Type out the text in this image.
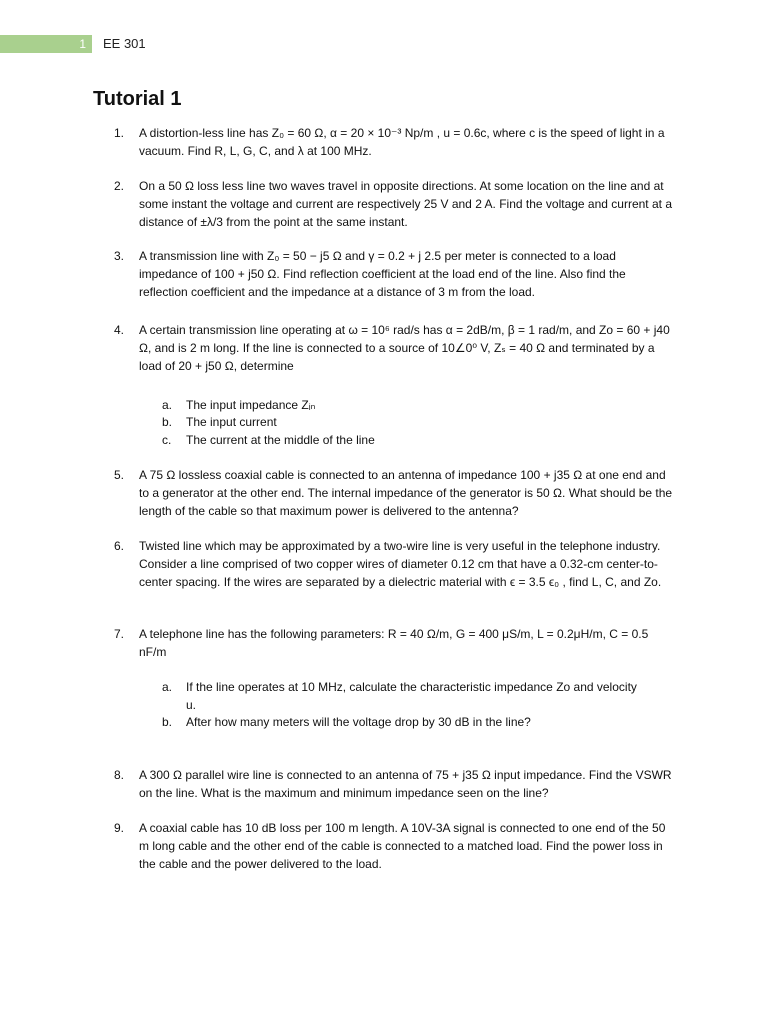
1 EE 301
Tutorial 1
1.	A distortion-less line has Z₀ = 60 Ω, α = 20 × 10⁻³ Np/m , u = 0.6c, where c is the speed of light in a vacuum. Find R, L, G, C, and λ at 100 MHz.
2.	On a 50 Ω loss less line two waves travel in opposite directions. At some location on the line and at some instant the voltage and current are respectively 25 V and 2 A. Find the voltage and current at a distance of ±λ/3 from the point at the same instant.
3.	A transmission line with Z₀ = 50 − j5 Ω and γ = 0.2 + j 2.5 per meter is connected to a load impedance of 100 + j50 Ω. Find reflection coefficient at the load end of the line. Also find the reflection coefficient and the impedance at a distance of 3 m from the load.
4.	A certain transmission line operating at ω = 10⁶ rad/s has α = 2dB/m, β = 1 rad/m, and Zo = 60 + j40 Ω, and is 2 m long. If the line is connected to a source of 10∠0⁰ V, Zₛ = 40 Ω and terminated by a load of 20 + j50 Ω, determine
a. The input impedance Zᵢₙ
b. The input current
c. The current at the middle of the line
5.	A 75 Ω lossless coaxial cable is connected to an antenna of impedance 100 + j35 Ω at one end and to a generator at the other end. The internal impedance of the generator is 50 Ω. What should be the length of the cable so that maximum power is delivered to the antenna?
6.	Twisted line which may be approximated by a two-wire line is very useful in the telephone industry. Consider a line comprised of two copper wires of diameter 0.12 cm that have a 0.32-cm center-to-center spacing. If the wires are separated by a dielectric material with ϵ = 3.5 ϵ₀ , find L, C, and Zo.
7.	A telephone line has the following parameters: R = 40 Ω/m, G = 400 μS/m, L = 0.2μH/m, C = 0.5 nF/m
a. If the line operates at 10 MHz, calculate the characteristic impedance Zo and velocity u.
b. After how many meters will the voltage drop by 30 dB in the line?
8.	A 300 Ω parallel wire line is connected to an antenna of 75 + j35 Ω input impedance. Find the VSWR on the line. What is the maximum and minimum impedance seen on the line?
9.	A coaxial cable has 10 dB loss per 100 m length. A 10V-3A signal is connected to one end of the 50 m long cable and the other end of the cable is connected to a matched load. Find the power loss in the cable and the power delivered to the load.
